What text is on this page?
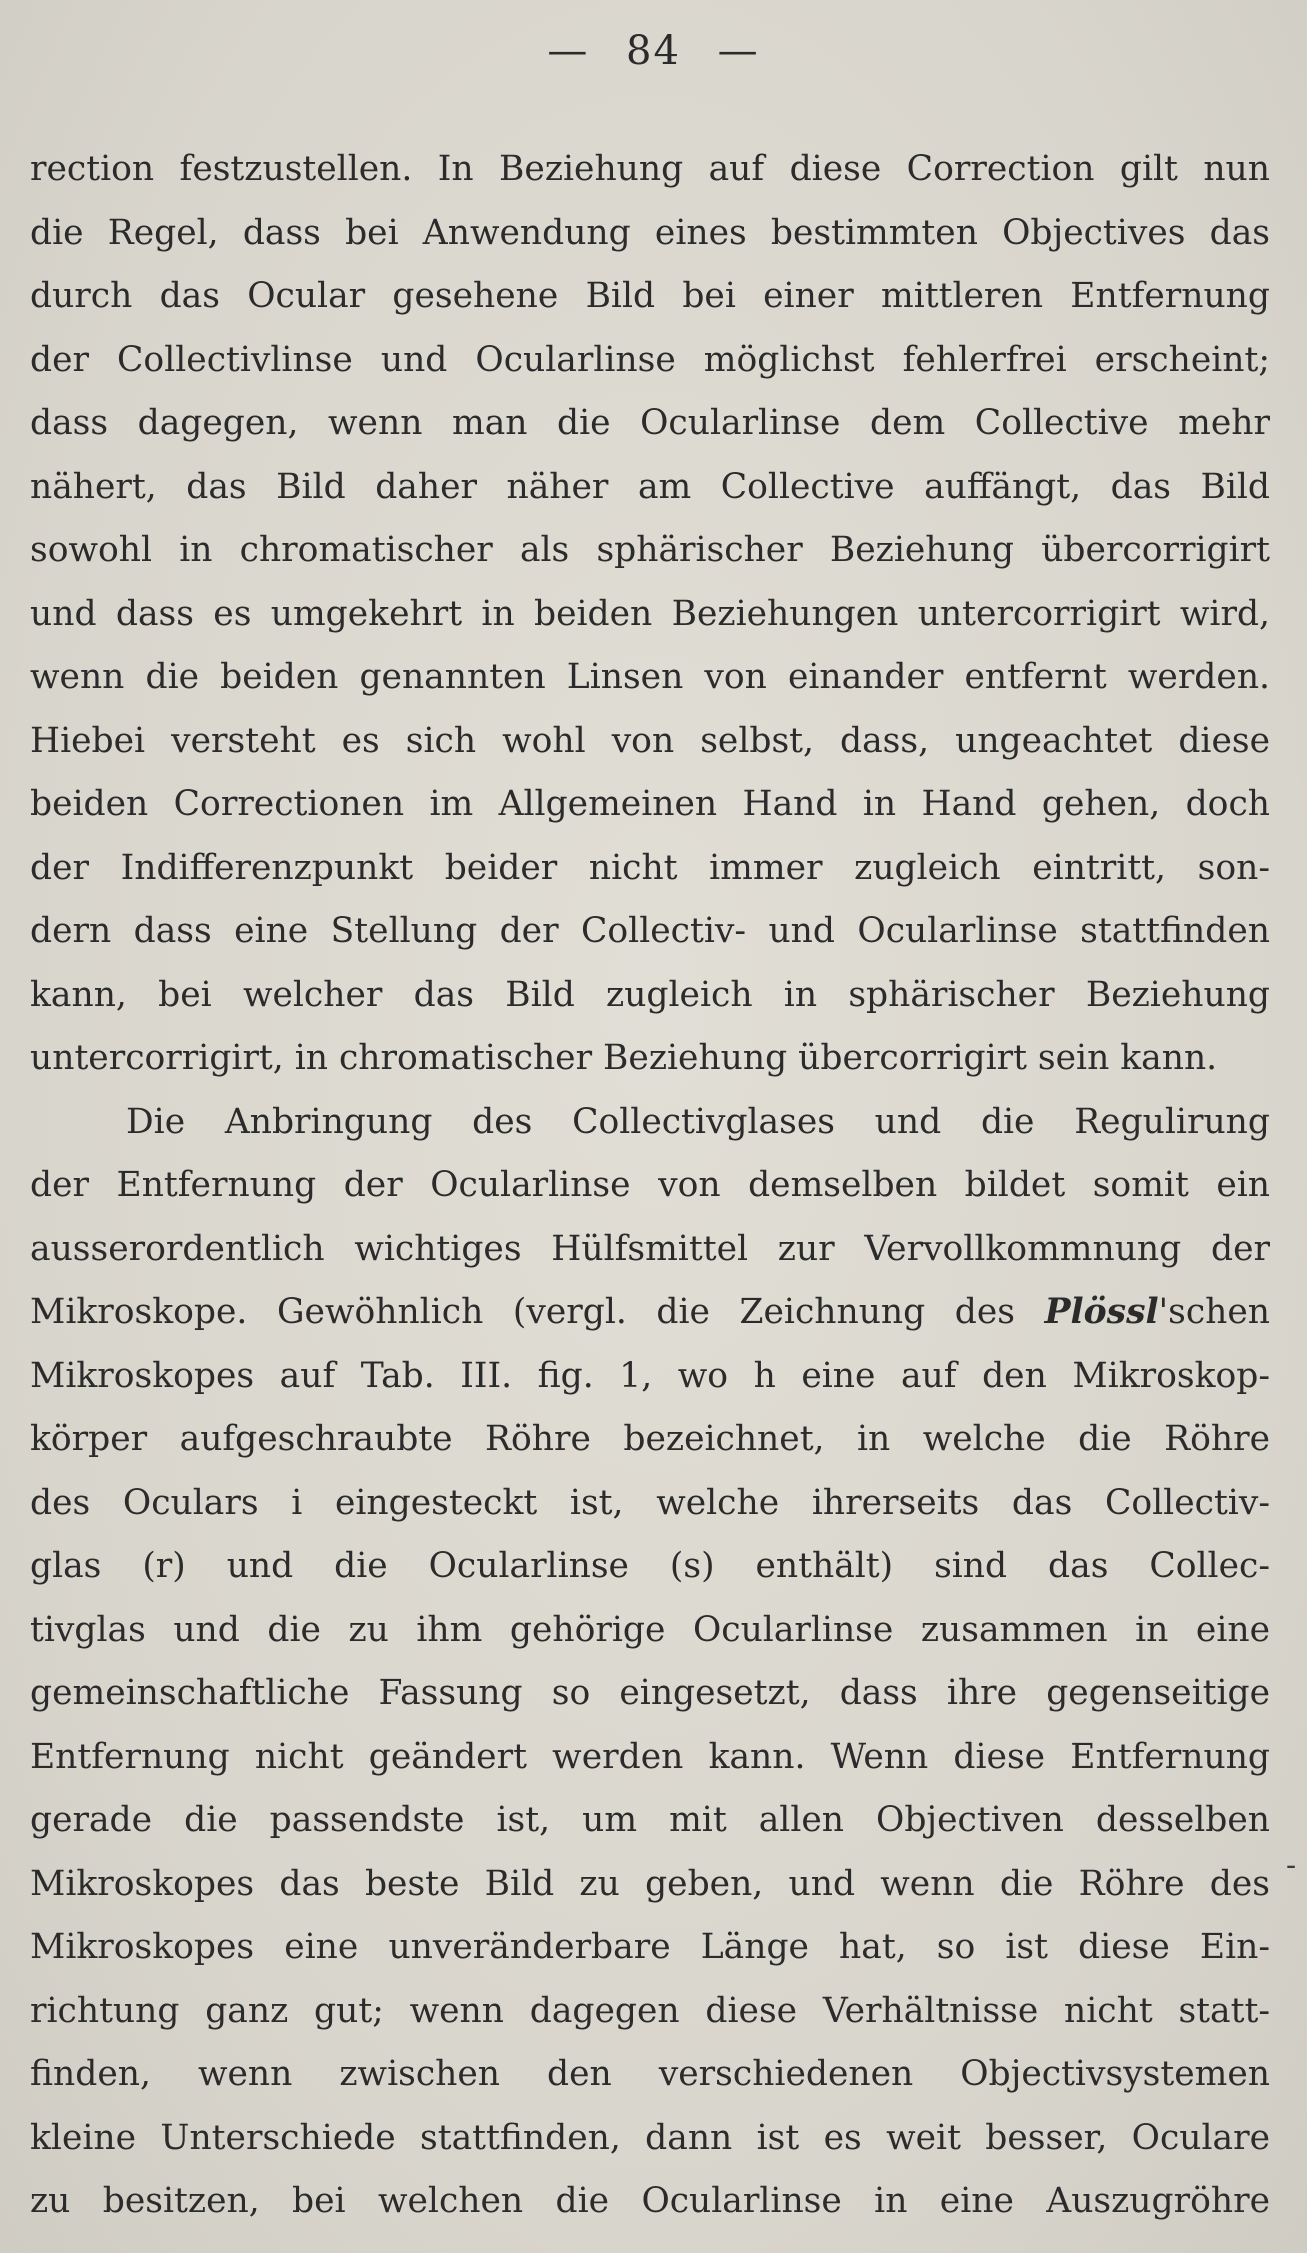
— 84 —
rection festzustellen. In Beziehung auf diese Correction gilt nun
die Regel, dass bei Anwendung eines bestimmten Objectives das
durch das Ocular gesehene Bild bei einer mittleren Entfernung
der Collectivlinse und Ocularlinse möglichst fehlerfrei erscheint;
dass dagegen, wenn man die Ocularlinse dem Collective mehr
nähert, das Bild daher näher am Collective auffängt, das Bild
sowohl in chromatischer als sphärischer Beziehung übercorrigirt
und dass es umgekehrt in beiden Beziehungen untercorrigirt wird,
wenn die beiden genannten Linsen von einander entfernt werden.
Hiebei versteht es sich wohl von selbst, dass, ungeachtet diese
beiden Correctionen im Allgemeinen Hand in Hand gehen, doch
der Indifferenzpunkt beider nicht immer zugleich eintritt, son-
dern dass eine Stellung der Collectiv- und Ocularlinse stattfinden
kann, bei welcher das Bild zugleich in sphärischer Beziehung
untercorrigirt, in chromatischer Beziehung übercorrigirt sein kann.
Die Anbringung des Collectivglases und die Regulirung
der Entfernung der Ocularlinse von demselben bildet somit ein
ausserordentlich wichtiges Hülfsmittel zur Vervollkommnung der
Mikroskope. Gewöhnlich (vergl. die Zeichnung des Plössl'schen
Mikroskopes auf Tab. III. fig. 1, wo h eine auf den Mikroskop-
körper aufgeschraubte Röhre bezeichnet, in welche die Röhre
des Oculars i eingesteckt ist, welche ihrerseits das Collectiv-
glas (r) und die Ocularlinse (s) enthält) sind das Collec-
tivglas und die zu ihm gehörige Ocularlinse zusammen in eine
gemeinschaftliche Fassung so eingesetzt, dass ihre gegenseitige
Entfernung nicht geändert werden kann. Wenn diese Entfernung
gerade die passendste ist, um mit allen Objectiven desselben
Mikroskopes das beste Bild zu geben, und wenn die Röhre des
Mikroskopes eine unveränderbare Länge hat, so ist diese Ein-
richtung ganz gut; wenn dagegen diese Verhältnisse nicht statt-
finden, wenn zwischen den verschiedenen Objectivsystemen
kleine Unterschiede stattfinden, dann ist es weit besser, Oculare
zu besitzen, bei welchen die Ocularlinse in eine Auszugröhre
-
